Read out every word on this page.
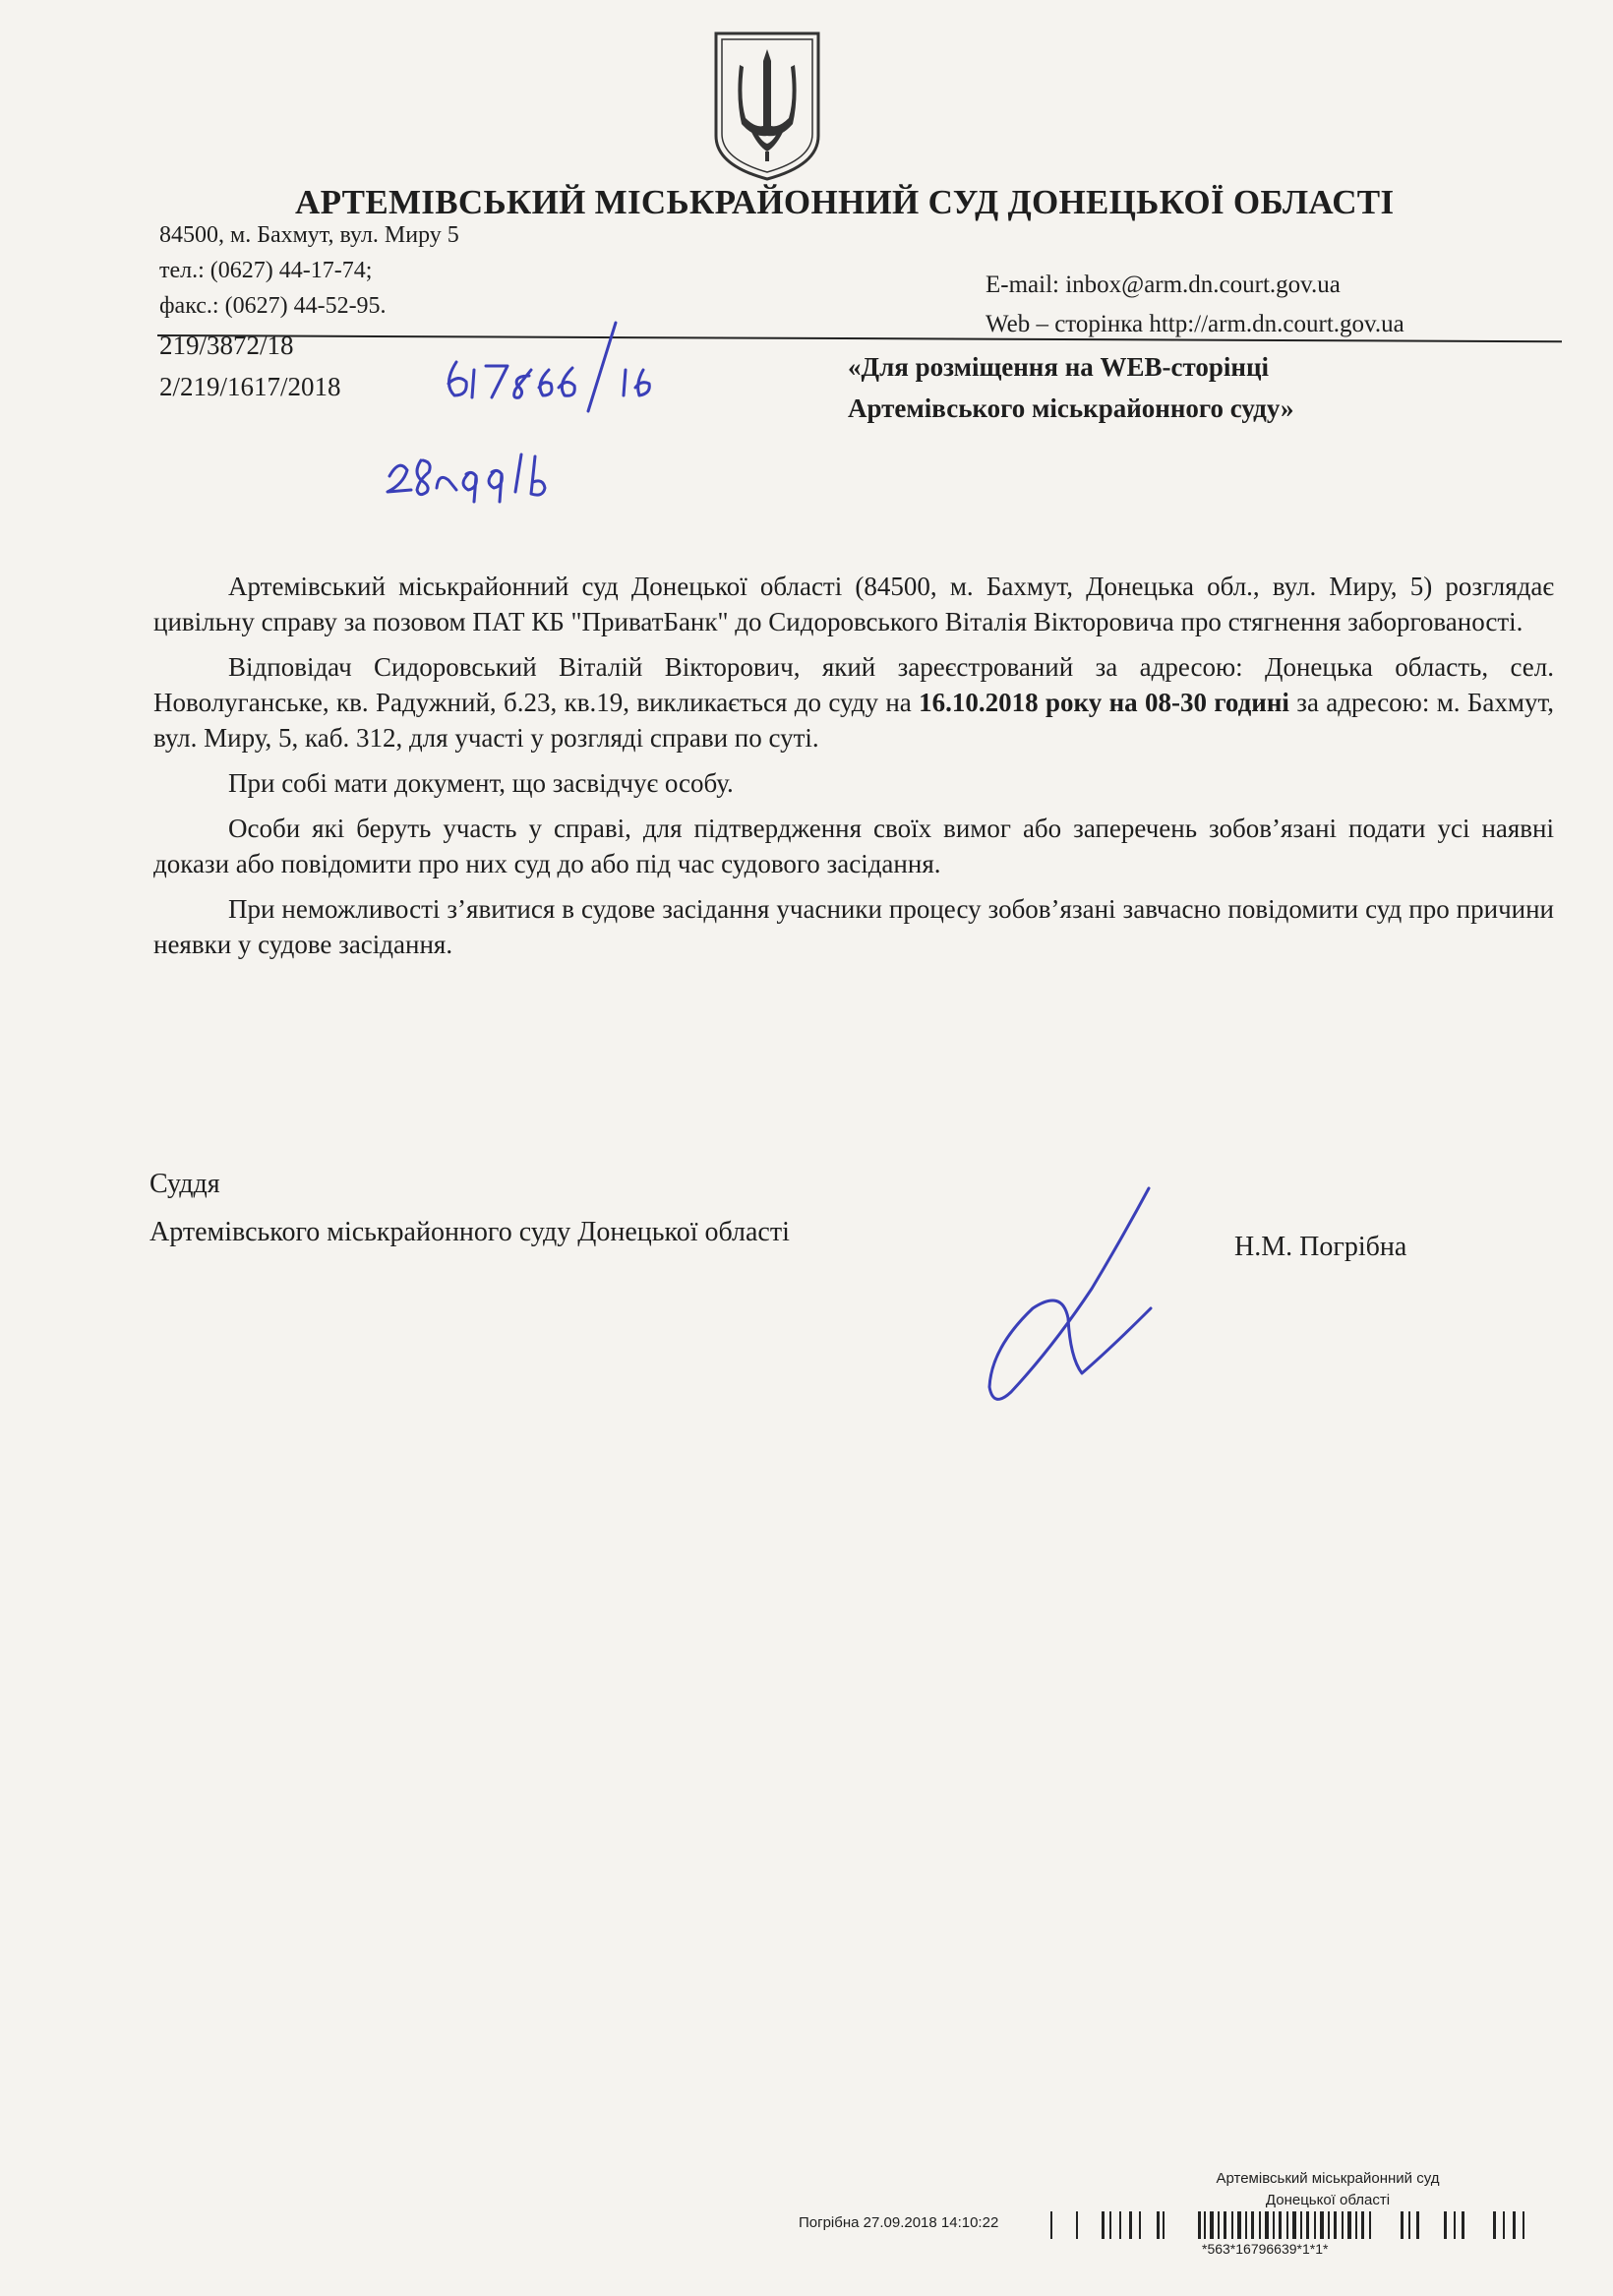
АРТЕМІВСЬКИЙ МІСЬКРАЙОННИЙ СУД ДОНЕЦЬКОЇ ОБЛАСТІ
84500, м. Бахмут, вул. Миру 5
тел.: (0627) 44-17-74;
факс.: (0627) 44-52-95.
E-mail: inbox@arm.dn.court.gov.ua
Web – сторінка http://arm.dn.court.gov.ua
219/3872/18
2/219/1617/2018
«Для розміщення на WEB-сторінці
Артемівського міськрайонного суду»

Артемівський міськрайонний суд Донецької області (84500, м. Бахмут, Донецька обл., вул. Миру, 5) розглядає цивільну справу за позовом ПАТ КБ "ПриватБанк" до Сидоровського Віталія Вікторовича про стягнення заборгованості.

Відповідач Сидоровський Віталій Вікторович, який зареєстрований за адресою: Донецька область, сел. Новолуганське, кв. Радужний, б.23, кв.19, викликається до суду на 16.10.2018 року на 08-30 годині за адресою: м. Бахмут, вул. Миру, 5, каб. 312, для участі у розгляді справи по суті.

При собі мати документ, що засвідчує особу.

Особи які беруть участь у справі, для підтвердження своїх вимог або заперечень зобов’язані подати усі наявні докази або повідомити про них суд до або під час судового засідання.

При неможливості з’явитися в судове засідання учасники процесу зобов’язані завчасно повідомити суд про причини неявки у судове засідання.

Суддя
Артемівського міськрайонного суду Донецької області	Н.М. Погрібна
Артемівський міськрайонний суд
Донецької області
Погрібна 27.09.2018 14:10:22
*563*16796639*1*1*
